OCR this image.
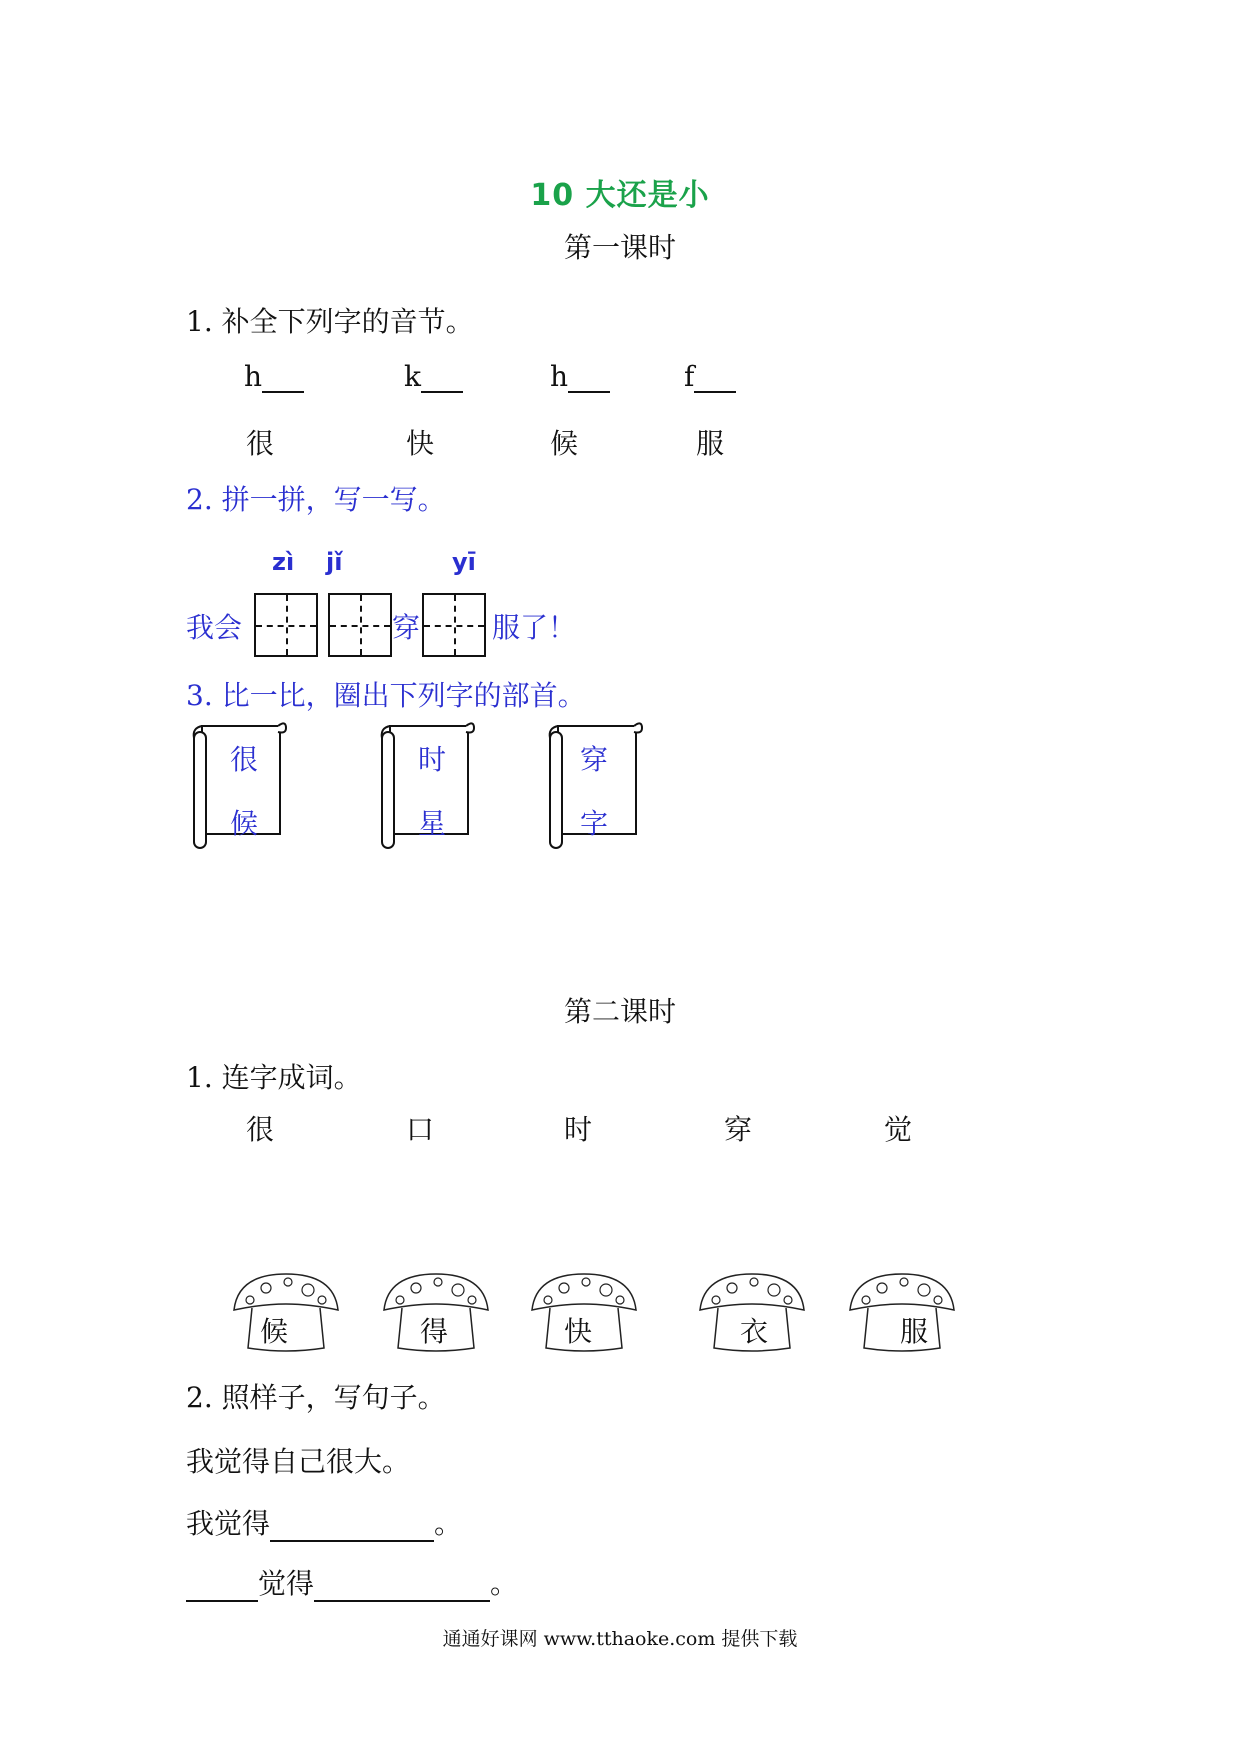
10 大还是小
第一课时
1. 补全下列字的音节。
h	k	h	f
很	快	候	服
2. 拼一拼，写一写。
zì jǐ	yī
我会	穿	服了！
3. 比一比，圈出下列字的部首。
很
候
时
星
穿
字
第二课时
1. 连字成词。
很	口	时	穿	觉
候	得	快	衣	服
2. 照样子，写句子。
我觉得自己很大。
我觉得	。
觉得	。
通通好课网 www.tthaoke.com 提供下载
